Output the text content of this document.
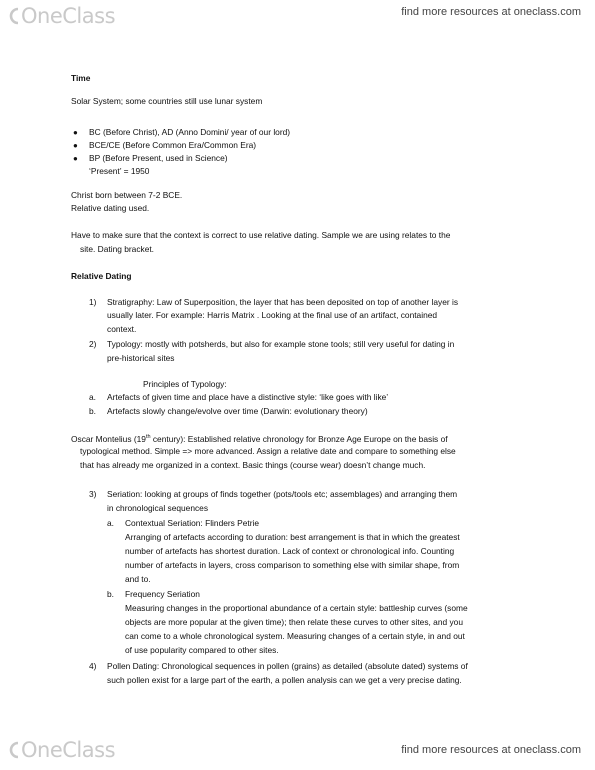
OneClass	find more resources at oneclass.com
Time
Solar System; some countries still use lunar system
● BC (Before Christ), AD (Anno Domini/ year of our lord)
● BCE/CE (Before Common Era/Common Era)
● BP (Before Present, used in Science)
‘Present’ = 1950
Christ born between 7-2 BCE.
Relative dating used.
Have to make sure that the context is correct to use relative dating. Sample we are using relates to the
site. Dating bracket.
Relative Dating
1) Stratigraphy: Law of Superposition, the layer that has been deposited on top of another layer is
usually later. For example: Harris Matrix . Looking at the final use of an artifact, contained
context.
2) Typology: mostly with potsherds, but also for example stone tools; still very useful for dating in
pre-historical sites
Principles of Typology:
a. Artefacts of given time and place have a distinctive style: ‘like goes with like’
b. Artefacts slowly change/evolve over time (Darwin: evolutionary theory)
Oscar Montelius (19th century): Established relative chronology for Bronze Age Europe on the basis of
typological method. Simple => more advanced. Assign a relative date and compare to something else
that has already me organized in a context. Basic things (course wear) doesn’t change much.
3) Seriation: looking at groups of finds together (pots/tools etc; assemblages) and arranging them
in chronological sequences
a. Contextual Seriation: Flinders Petrie
Arranging of artefacts according to duration: best arrangement is that in which the greatest
number of artefacts has shortest duration. Lack of context or chronological info. Counting
number of artefacts in layers, cross comparison to something else with similar shape, from
and to.
b. Frequency Seriation
Measuring changes in the proportional abundance of a certain style: battleship curves (some
objects are more popular at the given time); then relate these curves to other sites, and you
can come to a whole chronological system. Measuring changes of a certain style, in and out
of use popularity compared to other sites.
4) Pollen Dating: Chronological sequences in pollen (grains) as detailed (absolute dated) systems of
such pollen exist for a large part of the earth, a pollen analysis can we get a very precise dating.
OneClass	find more resources at oneclass.com
